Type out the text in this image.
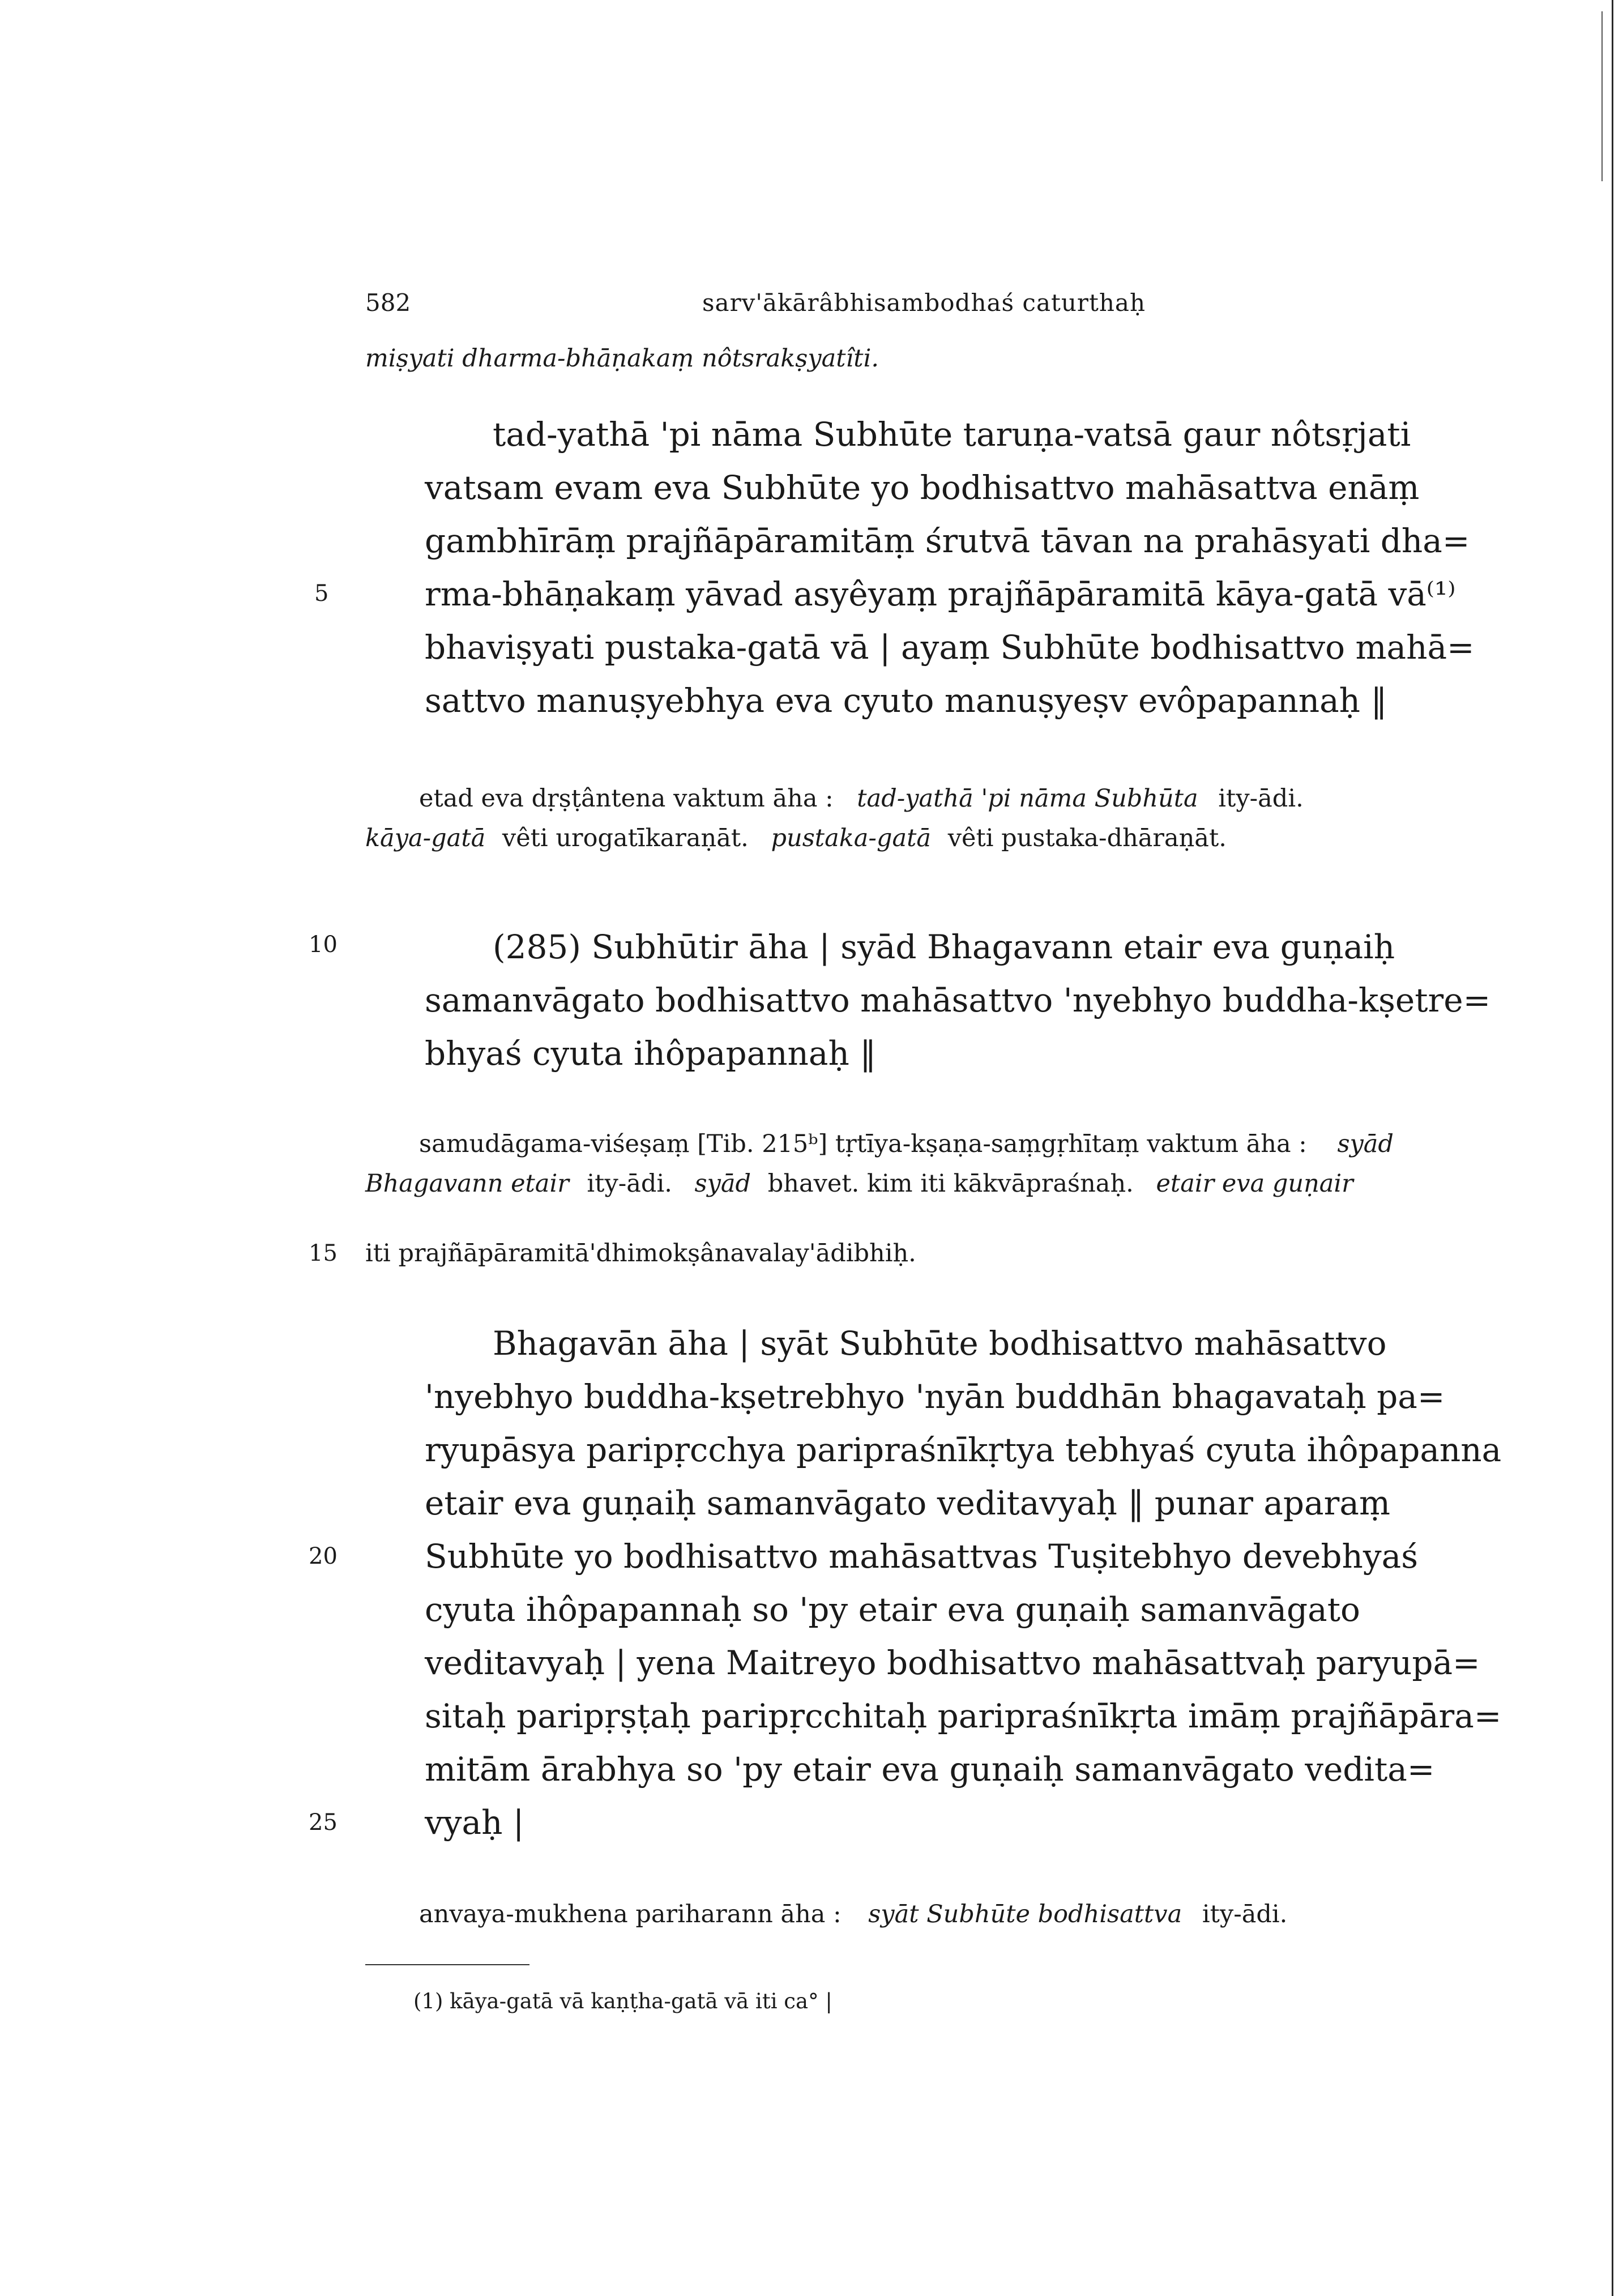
582	sarv'ākārâbhisambodhaś caturthaḥ
miṣyati dharma-bhāṇakaṃ nôtsrakṣyatîti.
tad-yathā 'pi nāma Subhūte taruṇa-vatsā gaur nôtsṛjati
vatsam evam eva Subhūte yo bodhisattvo mahāsattva enāṃ
gambhīrāṃ prajñāpāramitāṃ śrutvā tāvan na prahāsyati dha=
5	rma-bhāṇakaṃ yāvad asyêyaṃ prajñāpāramitā kāya-gatā vā⁽¹⁾
bhaviṣyati pustaka-gatā vā | ayaṃ Subhūte bodhisattvo mahā=
sattvo manuṣyebhya eva cyuto manuṣyeṣv evôpapannaḥ ‖
etad eva dṛṣṭântena vaktum āha : tad-yathā 'pi nāma Subhūta ity-ādi.
kāya-gatā vêti urogatīkaraṇāt. pustaka-gatā vêti pustaka-dhāraṇāt.
10	(285) Subhūtir āha | syād Bhagavann etair eva guṇaiḥ
samanvāgato bodhisattvo mahāsattvo 'nyebhyo buddha-kṣetre=
bhyaś cyuta ihôpapannaḥ ‖
samudāgama-viśeṣaṃ [Tib. 215ᵇ] tṛtīya-kṣaṇa-saṃgṛhītaṃ vaktum āha : syād
Bhagavann etair ity-ādi. syād bhavet. kim iti kākvāpraśnaḥ. etair eva guṇair
15 iti prajñāpāramitā'dhimokṣânavalay'ādibhiḥ.
Bhagavān āha | syāt Subhūte bodhisattvo mahāsattvo
'nyebhyo buddha-kṣetrebhyo 'nyān buddhān bhagavataḥ pa=
ryupāsya paripṛcchya paripraśnīkṛtya tebhyaś cyuta ihôpapanna
etair eva guṇaiḥ samanvāgato veditavyaḥ ‖ punar aparaṃ
20	Subhūte yo bodhisattvo mahāsattvas Tuṣitebhyo devebhyaś
cyuta ihôpapannaḥ so 'py etair eva guṇaiḥ samanvāgato
veditavyaḥ | yena Maitreyo bodhisattvo mahāsattvaḥ paryupā=
sitaḥ paripṛṣṭaḥ paripṛcchitaḥ paripraśnīkṛta imāṃ prajñāpāra=
mitām ārabhya so 'py etair eva guṇaiḥ samanvāgato vedita=
25	vyaḥ |
anvaya-mukhena pariharann āha : syāt Subhūte bodhisattva ity-ādi.
(1) kāya-gatā vā kaṇṭha-gatā vā iti ca° |
